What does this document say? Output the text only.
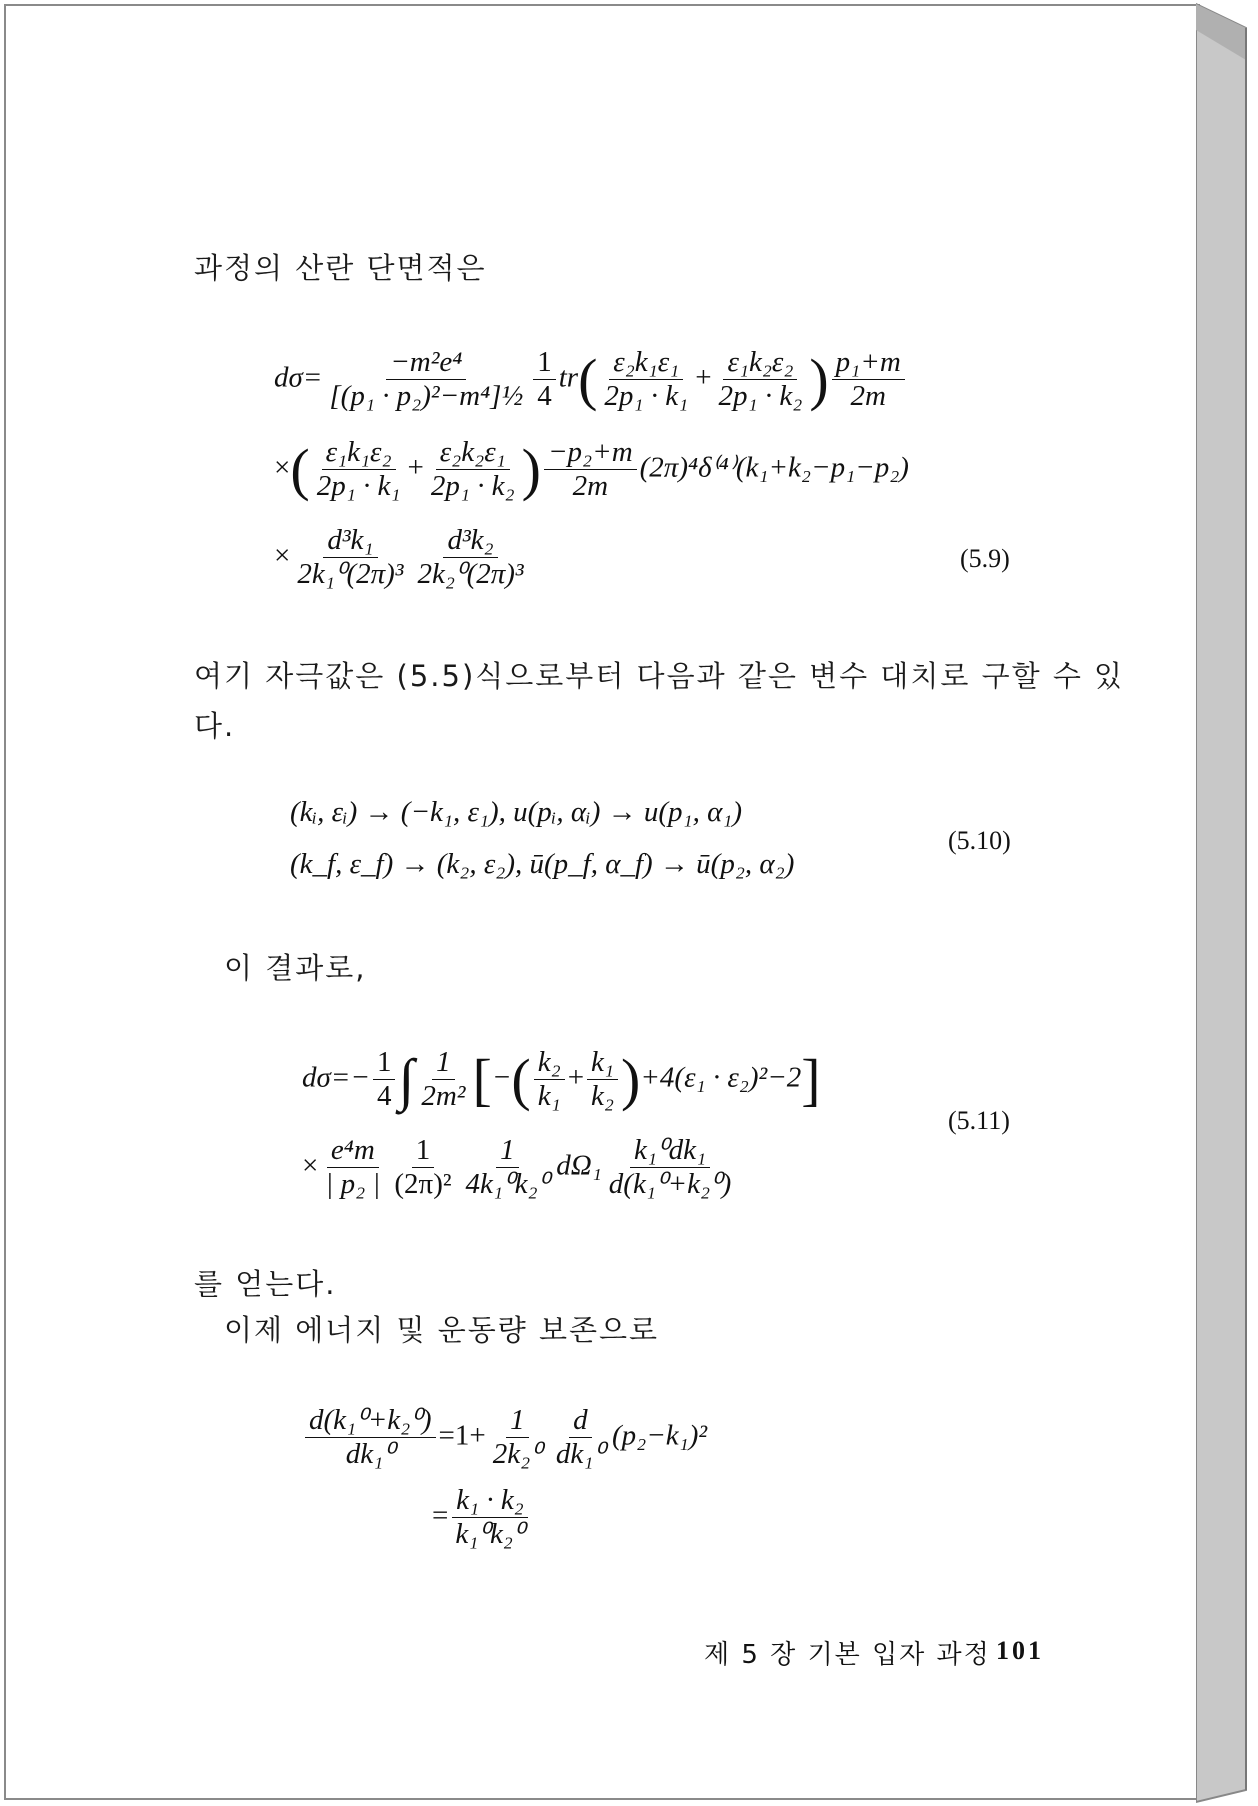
과정의 산란 단면적은
$d\sigma= \frac{\text{−m²e⁴}}{\text{[(p₁ · p₂)²−m⁴]½}} \frac{1}{4} tr( \frac{\text{ε₂k₁ε₁}}{\text{2p₁ · k₁}} + \frac{\text{ε₁k₂ε₂}}{\text{2p₁ · k₂}}$ ) $\frac{\text{p₁+m}}{2m}$
×( $\frac{\text{ε₁k₁ε₂}}{\text{2p₁ · k₁}} + \frac{\text{ε₂k₂ε₁}}{\text{2p₁ · k₂}}$ ) $\frac{\text{−p₂+m}}{2m} (2\pi)^4\delta^{(4)}(k_1+k_2-p_1-p_2)$
× $\frac{\text{d³k₁}}{\text{2k₁⁰(2π)³}} \frac{\text{d³k₂}}{\text{2k₂⁰(2π)³}}$	(5.9)
여기 자극값은 (5.5)식으로부터 다음과 같은 변수 대치로 구할 수 있
다.
(kᵢ, εᵢ) → (−k₁, ε₁), u(pᵢ, αᵢ) → u(p₁, α₁)
(k_f, ε_f) → (k₂, ε₂), ū(p_f, α_f) → ū(p₂, α₂)
(5.10)
이 결과로,
$d\sigma=- \frac{1}{4}$ ∫ $\frac{1}{\text{2m²}}$ [−( $\frac{\text{k₂}}{\text{k₁}} + \frac{\text{k₁}}{\text{k₂}} )+4(\varepsilon_1 \cdot \varepsilon_2)^2-2$]
× $\frac{\text{e⁴m}}{\text{| p₂ |}} \frac{1}{\text{(2π)²}} \frac{1}{\text{4k₁⁰k₂⁰}} d\Omega_1 \frac{\text{k₁⁰dk₁}}{\text{d(k₁⁰+k₂⁰)}}$
(5.11)
를 얻는다.
이제 에너지 및 운동량 보존으로
$\frac{\text{d(k₁⁰+k₂⁰)}}{\text{dk₁⁰}} =1+ \frac{1}{\text{2k₂⁰}} \frac{d}{\text{dk₁⁰}} (p_2-k_1)^2$
= $\frac{\text{k₁ · k₂}}{\text{k₁⁰k₂⁰}}$
제 5 장 기본 입자 과정 101
